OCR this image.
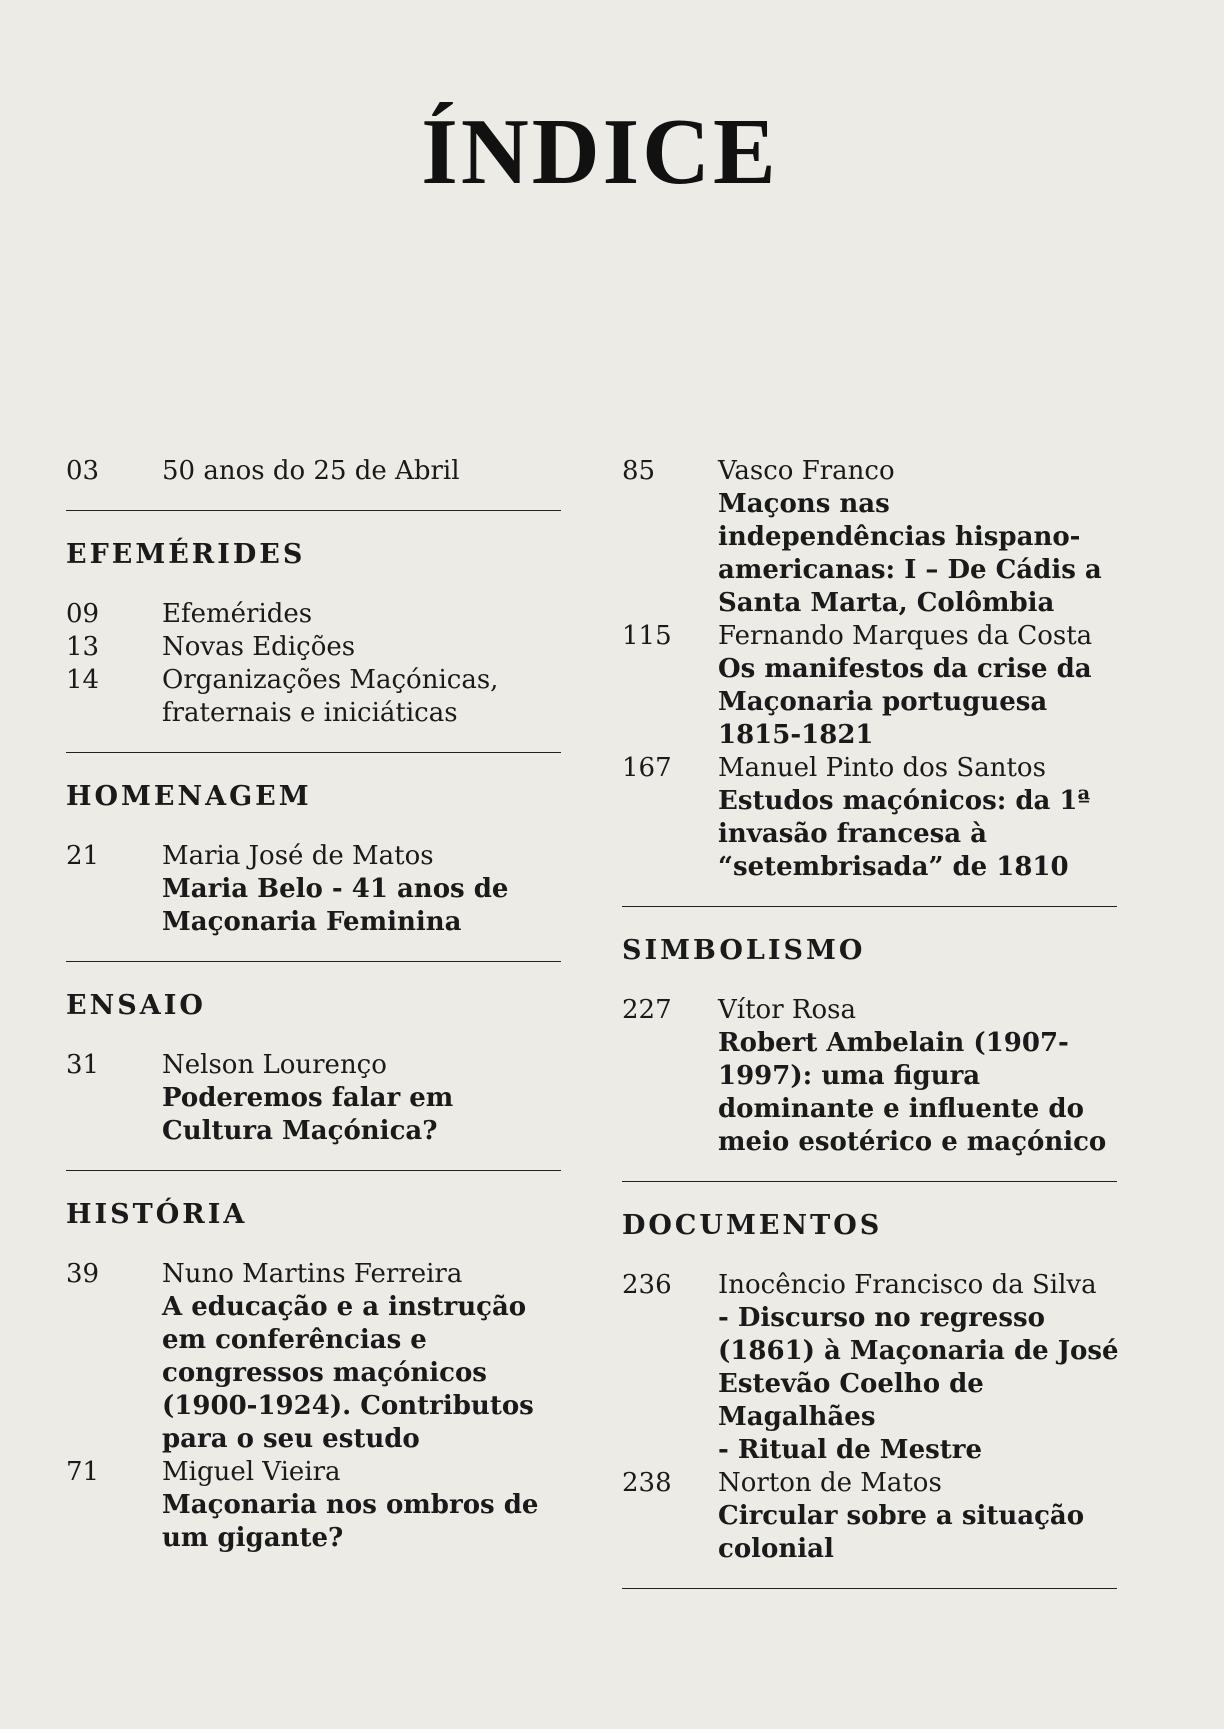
ÍNDICE
03	50 anos do 25 de Abril
EFEMÉRIDES
09	Efemérides
13	Novas Edições
14	Organizações Maçónicas, fraternais e iniciáticas
HOMENAGEM
21	Maria José de Matos
Maria Belo - 41 anos de Maçonaria Feminina
ENSAIO
31	Nelson Lourenço
Poderemos falar em Cultura Maçónica?
HISTÓRIA
39	Nuno Martins Ferreira
A educação e a instrução em conferências e congressos maçónicos (1900-1924). Contributos para o seu estudo
71	Miguel Vieira
Maçonaria nos ombros de um gigante?
85	Vasco Franco
Maçons nas independências hispano-americanas: I – De Cádis a Santa Marta, Colômbia
115	Fernando Marques da Costa
Os manifestos da crise da Maçonaria portuguesa 1815-1821
167	Manuel Pinto dos Santos
Estudos maçónicos: da 1ª invasão francesa à
“setembrisada” de 1810
SIMBOLISMO
227	Vítor Rosa
Robert Ambelain (1907-1997): uma figura dominante e influente do meio esotérico e maçónico
DOCUMENTOS
236	Inocêncio Francisco da Silva
- Discurso no regresso (1861) à Maçonaria de José Estevão Coelho de Magalhães
- Ritual de Mestre
238	Norton de Matos
Circular sobre a situação colonial
